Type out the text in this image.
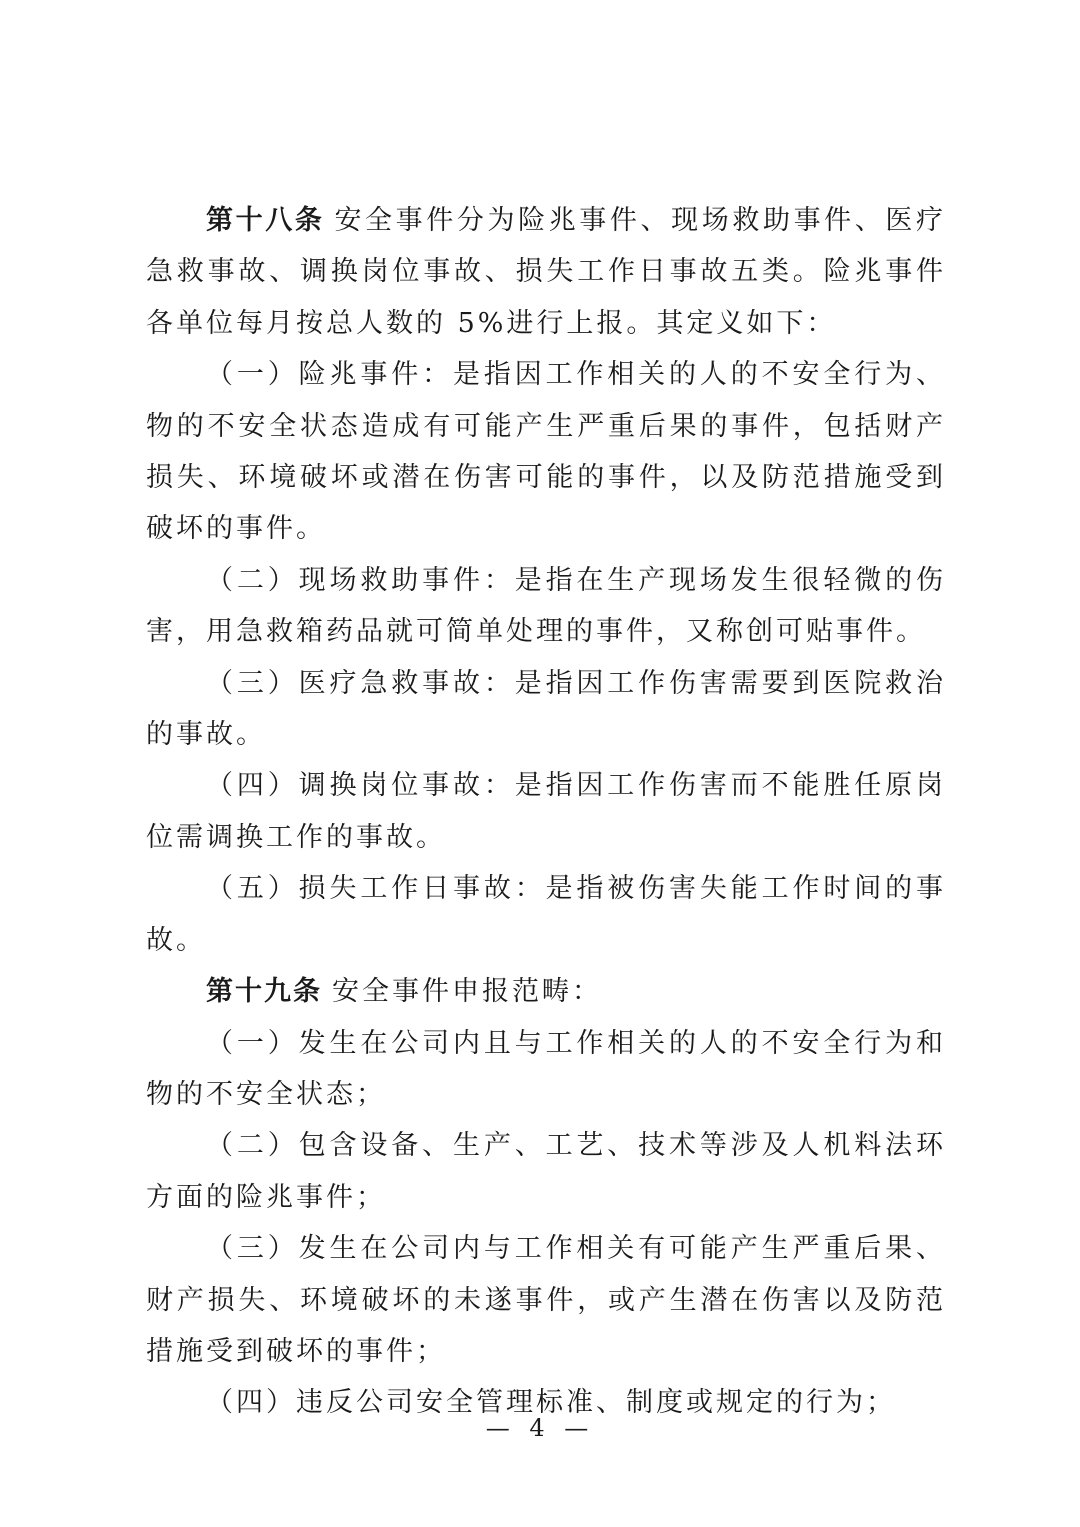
第十八条 安全事件分为险兆事件、现场救助事件、医疗急救事故、调换岗位事故、损失工作日事故五类。险兆事件各单位每月按总人数的 5%进行上报。其定义如下：

（一）险兆事件：是指因工作相关的人的不安全行为、物的不安全状态造成有可能产生严重后果的事件，包括财产损失、环境破坏或潜在伤害可能的事件，以及防范措施受到破坏的事件。

（二）现场救助事件：是指在生产现场发生很轻微的伤害，用急救箱药品就可简单处理的事件，又称创可贴事件。

（三）医疗急救事故：是指因工作伤害需要到医院救治的事故。

（四）调换岗位事故：是指因工作伤害而不能胜任原岗位需调换工作的事故。

（五）损失工作日事故：是指被伤害失能工作时间的事故。

第十九条 安全事件申报范畴：

（一）发生在公司内且与工作相关的人的不安全行为和物的不安全状态；

（二）包含设备、生产、工艺、技术等涉及人机料法环方面的险兆事件；

（三）发生在公司内与工作相关有可能产生严重后果、财产损失、环境破坏的未遂事件，或产生潜在伤害以及防范措施受到破坏的事件；

（四）违反公司安全管理标准、制度或规定的行为；

— 4 —
